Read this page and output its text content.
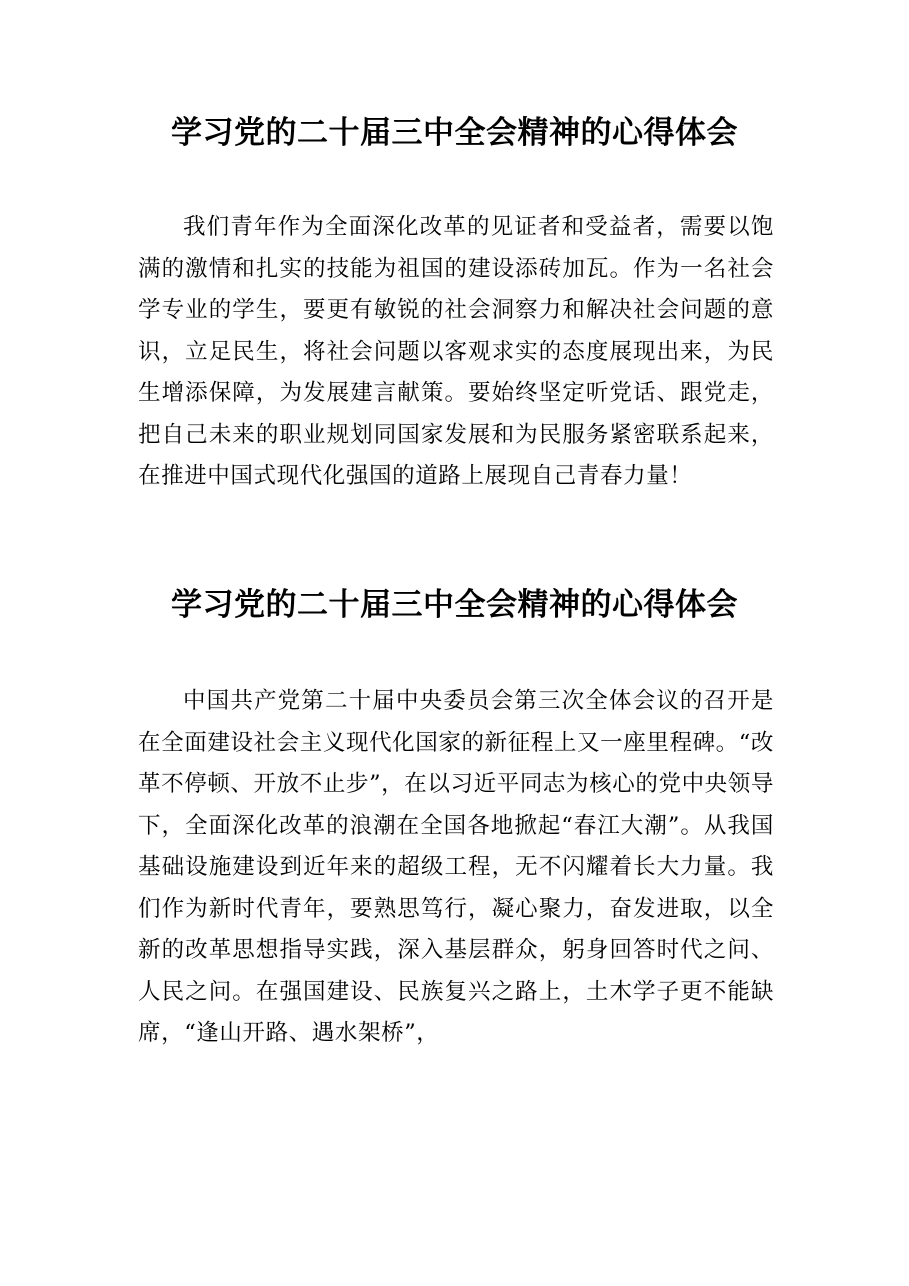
学习党的二十届三中全会精神的心得体会

我们青年作为全面深化改革的见证者和受益者，需要以饱满的激情和扎实的技能为祖国的建设添砖加瓦。作为一名社会学专业的学生，要更有敏锐的社会洞察力和解决社会问题的意识，立足民生，将社会问题以客观求实的态度展现出来，为民生增添保障，为发展建言献策。要始终坚定听党话、跟党走，把自己未来的职业规划同国家发展和为民服务紧密联系起来，在推进中国式现代化强国的道路上展现自己青春力量！

学习党的二十届三中全会精神的心得体会

中国共产党第二十届中央委员会第三次全体会议的召开是在全面建设社会主义现代化国家的新征程上又一座里程碑。“改革不停顿、开放不止步”，在以习近平同志为核心的党中央领导下，全面深化改革的浪潮在全国各地掀起“春江大潮”。从我国基础设施建设到近年来的超级工程，无不闪耀着长大力量。我们作为新时代青年，要熟思笃行，凝心聚力，奋发进取，以全新的改革思想指导实践，深入基层群众，躬身回答时代之问、人民之问。在强国建设、民族复兴之路上，土木学子更不能缺席，“逢山开路、遇水架桥”，
